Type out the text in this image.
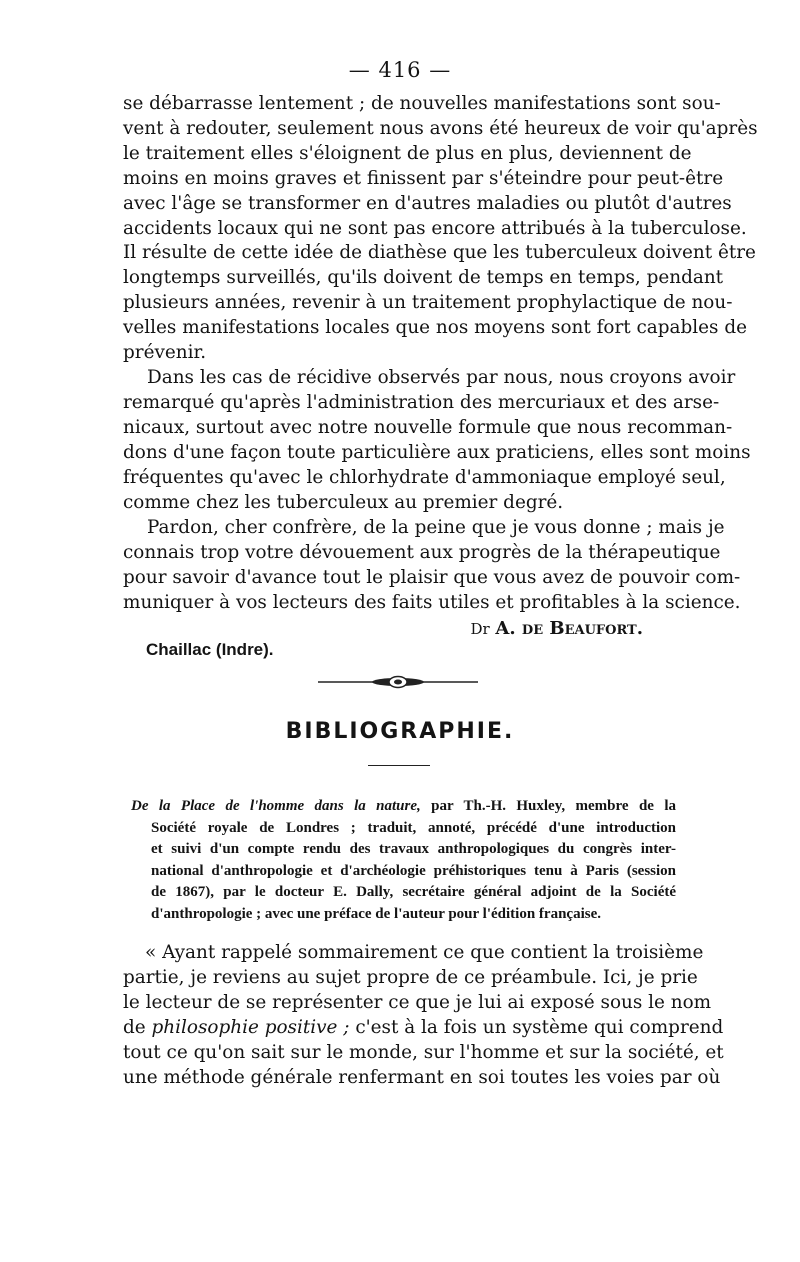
— 416 —
se débarrasse lentement ; de nouvelles manifestations sont sou-
vent à redouter, seulement nous avons été heureux de voir qu'après
le traitement elles s'éloignent de plus en plus, deviennent de
moins en moins graves et finissent par s'éteindre pour peut-être
avec l'âge se transformer en d'autres maladies ou plutôt d'autres
accidents locaux qui ne sont pas encore attribués à la tuberculose.
Il résulte de cette idée de diathèse que les tuberculeux doivent être
longtemps surveillés, qu'ils doivent de temps en temps, pendant
plusieurs années, revenir à un traitement prophylactique de nou-
velles manifestations locales que nos moyens sont fort capables de
prévenir.
Dans les cas de récidive observés par nous, nous croyons avoir
remarqué qu'après l'administration des mercuriaux et des arse-
nicaux, surtout avec notre nouvelle formule que nous recomman-
dons d'une façon toute particulière aux praticiens, elles sont moins
fréquentes qu'avec le chlorhydrate d'ammoniaque employé seul,
comme chez les tuberculeux au premier degré.
Pardon, cher confrère, de la peine que je vous donne ; mais je
connais trop votre dévouement aux progrès de la thérapeutique
pour savoir d'avance tout le plaisir que vous avez de pouvoir com-
muniquer à vos lecteurs des faits utiles et profitables à la science.
Dr A. de Beaufort.
Chaillac (Indre).
BIBLIOGRAPHIE.
De la Place de l'homme dans la nature, par Th.-H. Huxley, membre de la
Société royale de Londres ; traduit, annoté, précédé d'une introduction
et suivi d'un compte rendu des travaux anthropologiques du congrès inter-
national d'anthropologie et d'archéologie préhistoriques tenu à Paris (session
de 1867), par le docteur E. Dally, secrétaire général adjoint de la Société
d'anthropologie ; avec une préface de l'auteur pour l'édition française.
« Ayant rappelé sommairement ce que contient la troisième
partie, je reviens au sujet propre de ce préambule. Ici, je prie
le lecteur de se représenter ce que je lui ai exposé sous le nom
de philosophie positive ; c'est à la fois un système qui comprend
tout ce qu'on sait sur le monde, sur l'homme et sur la société, et
une méthode générale renfermant en soi toutes les voies par où
